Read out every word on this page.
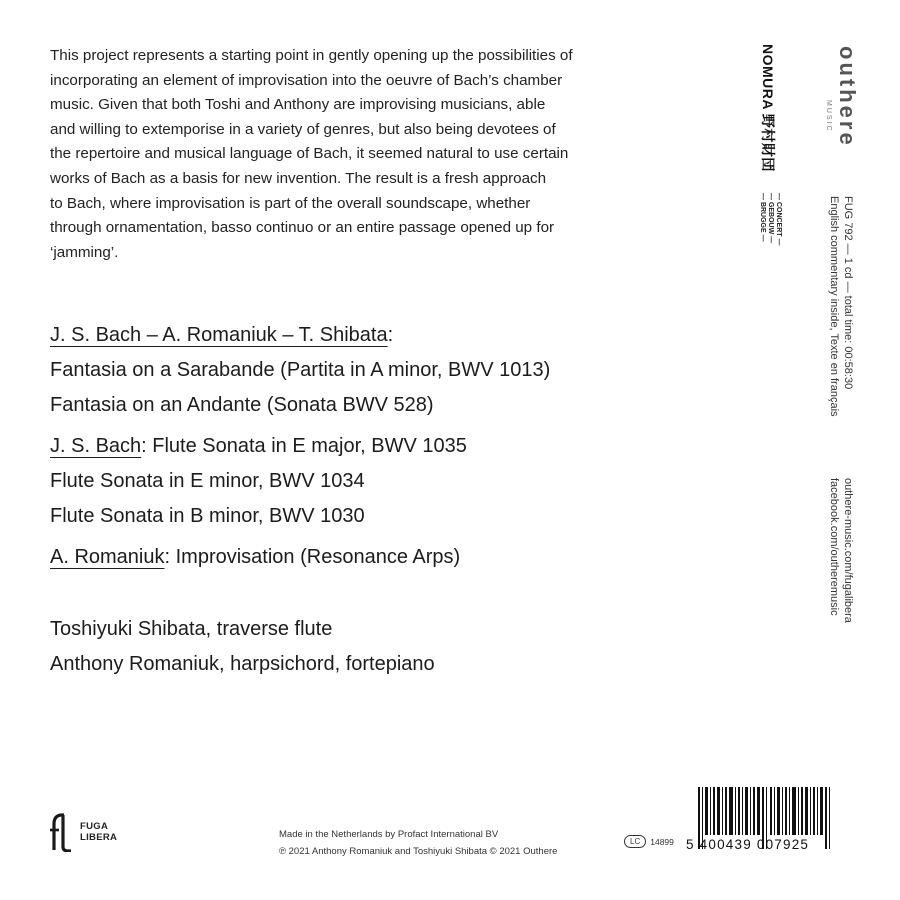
This project represents a starting point in gently opening up the possibilities of
incorporating an element of improvisation into the oeuvre of Bach’s chamber
music. Given that both Toshi and Anthony are improvising musicians, able
and willing to extemporise in a variety of genres, but also being devotees of
the repertoire and musical language of Bach, it seemed natural to use certain
works of Bach as a basis for new invention. The result is a fresh approach
to Bach, where improvisation is part of the overall soundscape, whether
through ornamentation, basso continuo or an entire passage opened up for
‘jamming’.
J. S. Bach – A. Romaniuk – T. Shibata:
Fantasia on a Sarabande (Partita in A minor, BWV 1013)
Fantasia on an Andante (Sonata BWV 528)
J. S. Bach: Flute Sonata in E major, BWV 1035
Flute Sonata in E minor, BWV 1034
Flute Sonata in B minor, BWV 1030
A. Romaniuk: Improvisation (Resonance Arps)
Toshiyuki Shibata, traverse flute
Anthony Romaniuk, harpsichord, fortepiano
outhere
MUSIC
NOMURA 野村財団
— CONCERT —
— GEBOUW —
— BRUGGE —	FUG 792 — 1 cd — total time: 00:58:30
English commentary inside, Texte en français
outhere-music.com/fugalibera
facebook.com/outheremusic
FUGA
LIBERA	Made in the Netherlands by Profact International BV
℗ 2021 Anthony Romaniuk and Toshiyuki Shibata © 2021 Outhere
LC	14899 5 400439 007925
